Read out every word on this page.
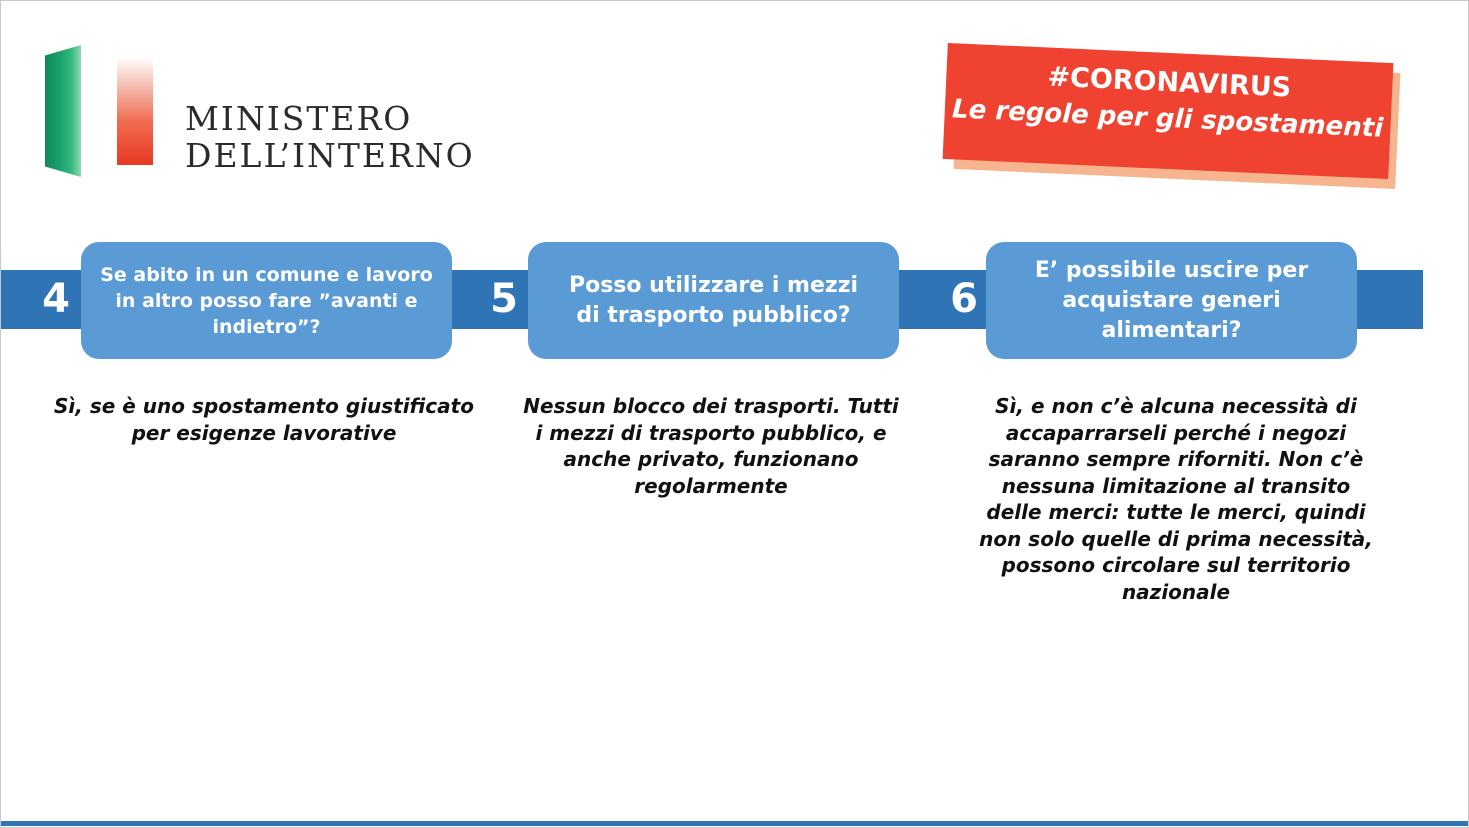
MINISTERO
DELL’INTERNO
#CORONAVIRUS
Le regole per gli spostamenti
4
Se abito in un comune e lavoro in altro posso fare ”avanti e indietro”?
Sì, se è uno spostamento giustificato per esigenze lavorative
5	Posso utilizzare i mezzi di trasporto pubblico?
Nessun blocco dei trasporti. Tutti i mezzi di trasporto pubblico, e anche privato, funzionano regolarmente
6
E’ possibile uscire per acquistare generi alimentari?
Sì, e non c’è alcuna necessità di accaparrarseli perché i negozi saranno sempre riforniti. Non c’è nessuna limitazione al transito delle merci: tutte le merci, quindi non solo quelle di prima necessità, possono circolare sul territorio nazionale
